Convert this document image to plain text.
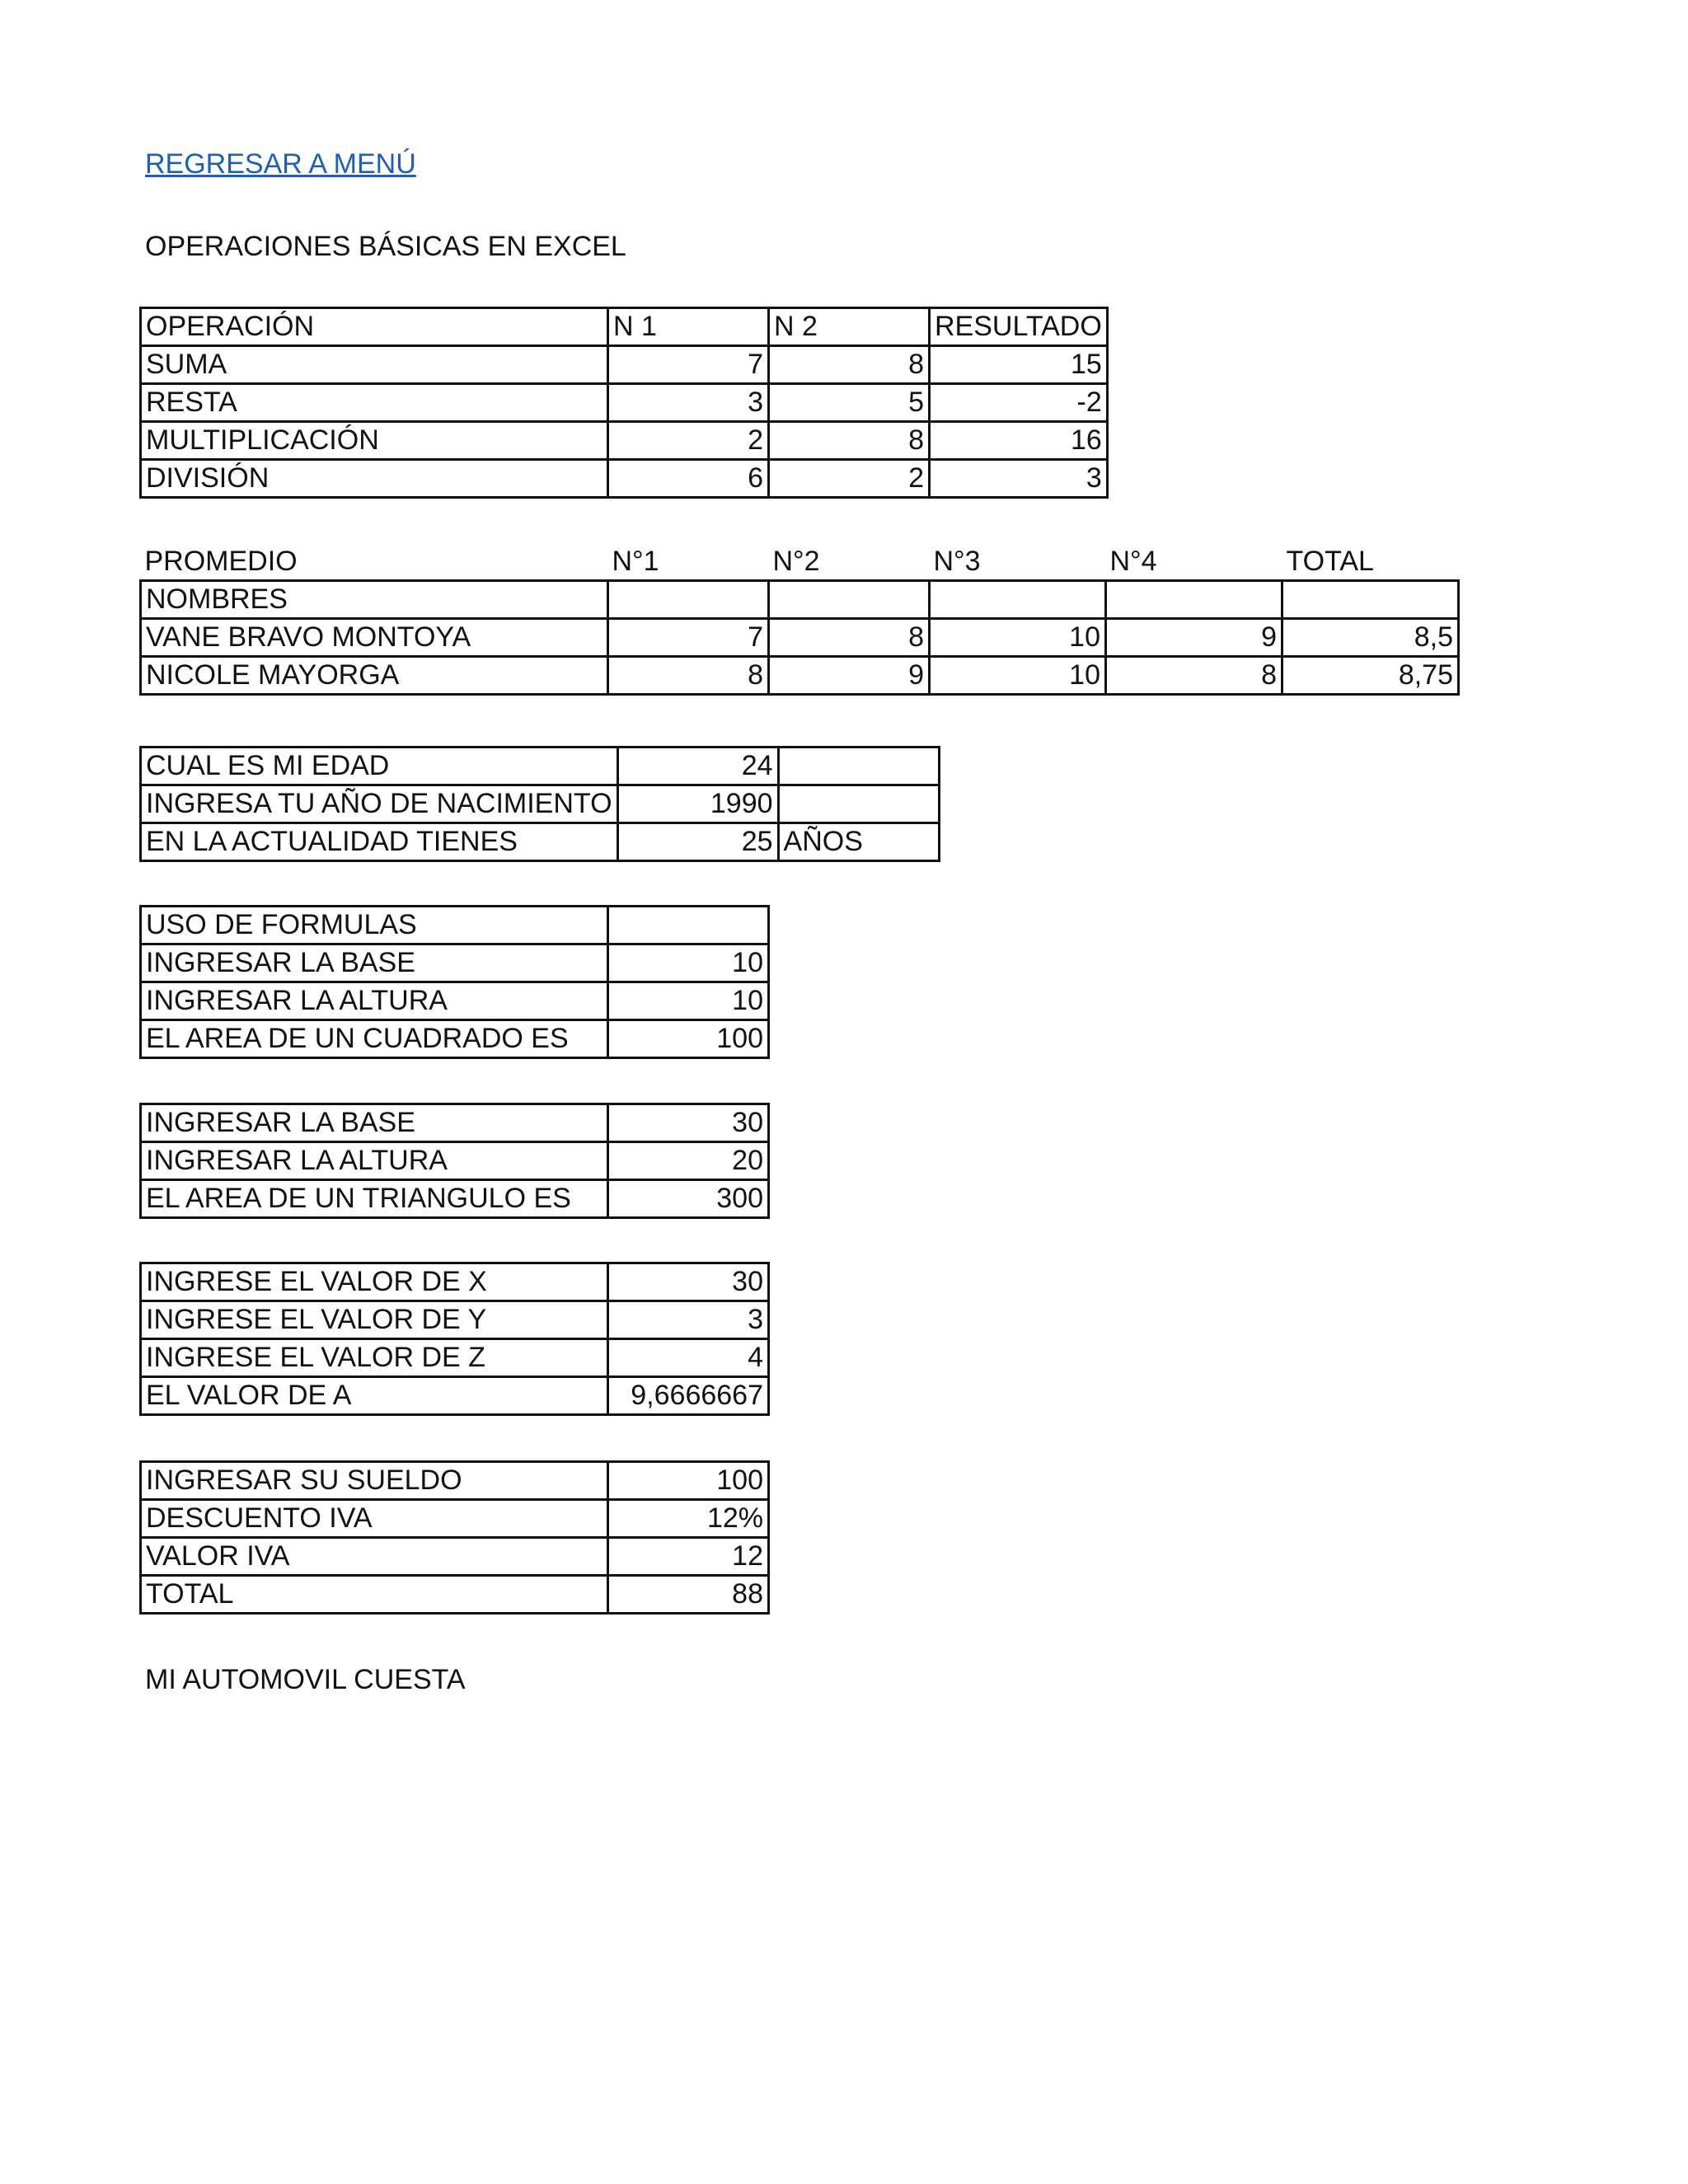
REGRESAR A MENÚ
OPERACIONES BÁSICAS EN EXCEL
OPERACIÓN	N 1	N 2	RESULTADO
SUMA	7	8	15
RESTA	3	5	-2
MULTIPLICACIÓN	2	8	16
DIVISIÓN	6	2	3
PROMEDIO	N°1	N°2	N°3	N°4	TOTAL
NOMBRES					
VANE BRAVO MONTOYA	7	8	10	9	8,5
NICOLE MAYORGA	8	9	10	8	8,75
CUAL ES MI EDAD	24	
INGRESA TU AÑO DE NACIMIENTO	1990	
EN LA ACTUALIDAD TIENES	25	AÑOS
USO DE FORMULAS	
INGRESAR LA BASE	10
INGRESAR LA ALTURA	10
EL AREA DE UN CUADRADO ES	100
INGRESAR LA BASE	30
INGRESAR LA ALTURA	20
EL AREA DE UN TRIANGULO ES	300
INGRESE EL VALOR DE X	30
INGRESE EL VALOR DE Y	3
INGRESE EL VALOR DE Z	4
EL VALOR DE A	9,6666667
INGRESAR SU SUELDO	100
DESCUENTO IVA	12%
VALOR IVA	12
TOTAL	88
MI AUTOMOVIL CUESTA
